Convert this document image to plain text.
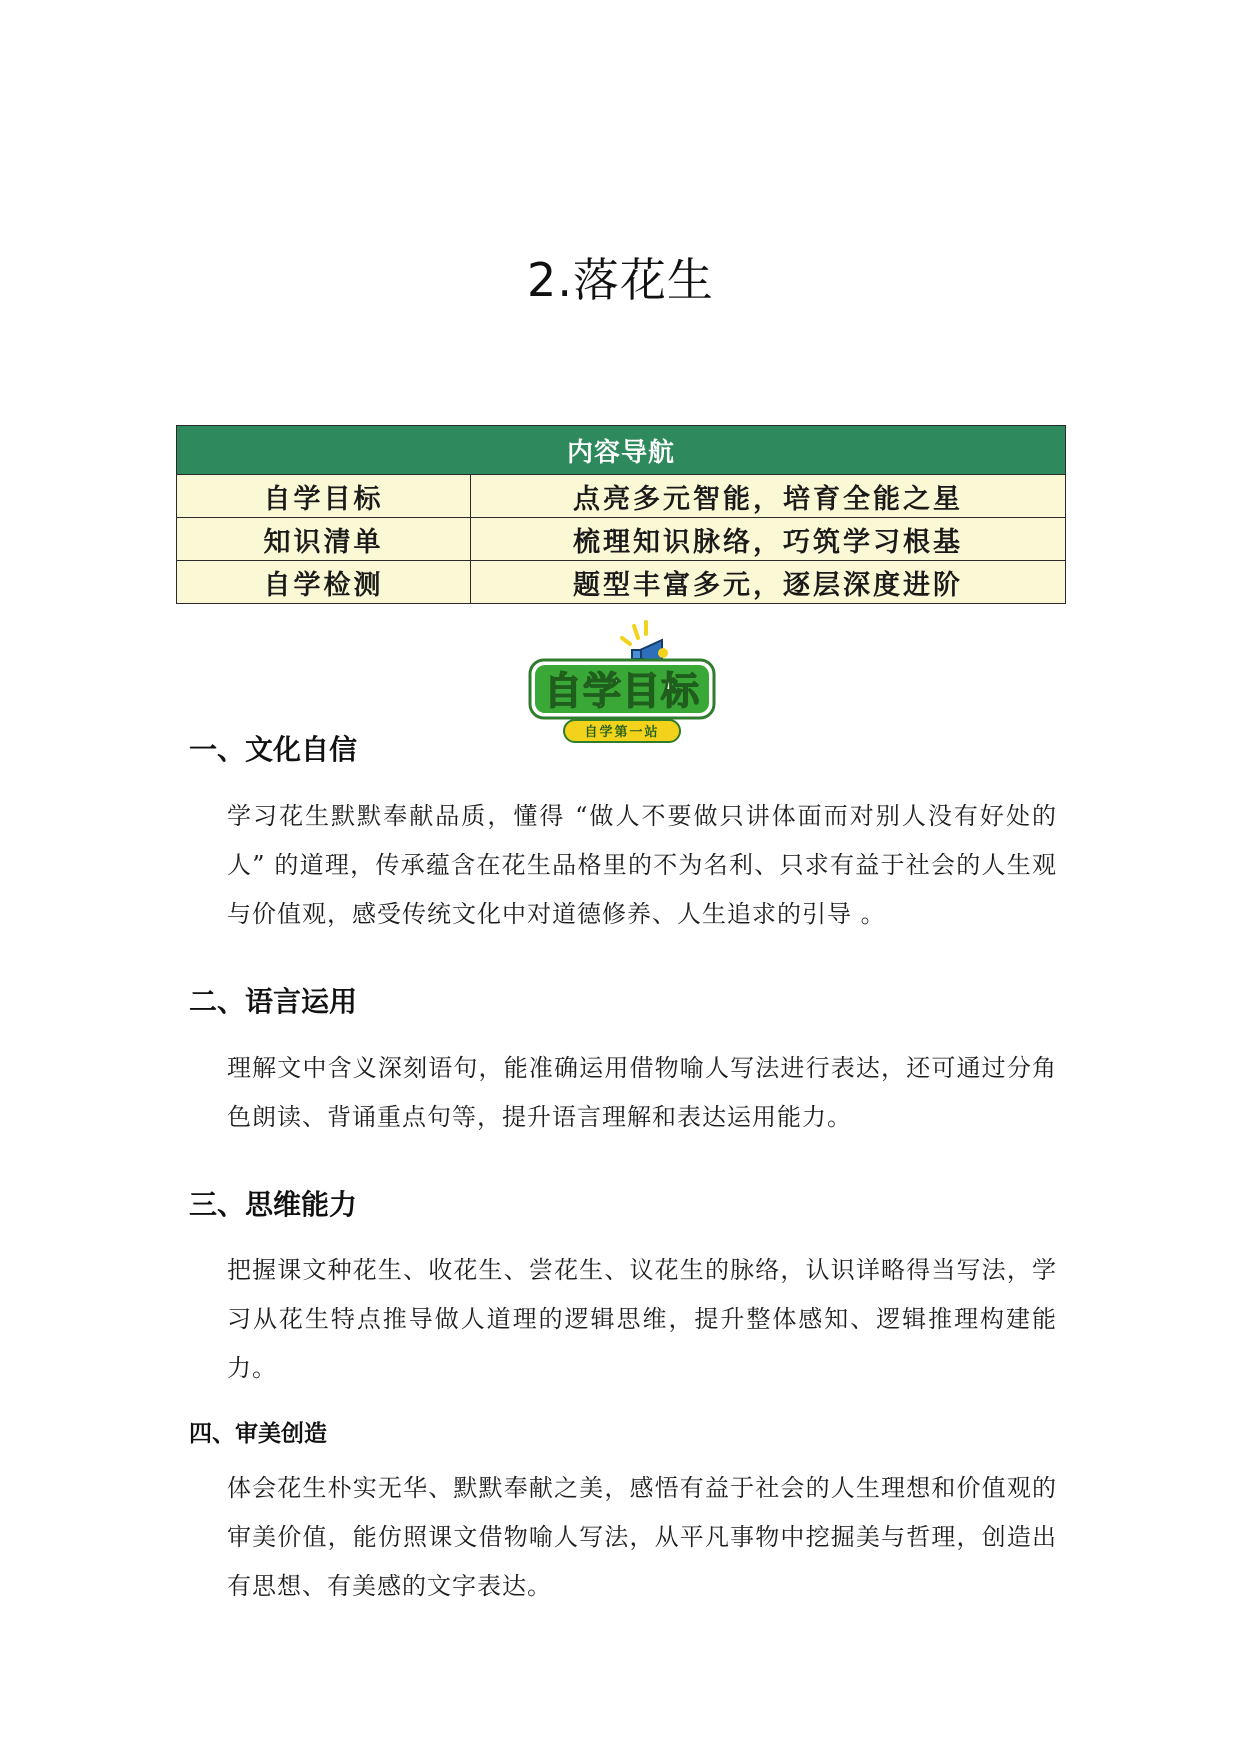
2.落花生
内容导航	
自学目标	点亮多元智能，培育全能之星
知识清单	梳理知识脉络，巧筑学习根基
自学检测	题型丰富多元，逐层深度进阶
自学目标
自学第一站
一、文化自信
学习花生默默奉献品质，懂得 “做人不要做只讲体面而对别人没有好处的人” 的道理，传承蕴含在花生品格里的不为名利、只求有益于社会的人生观与价值观，感受传统文化中对道德修养、人生追求的引导 。
二、语言运用
理解文中含义深刻语句，能准确运用借物喻人写法进行表达，还可通过分角色朗读、背诵重点句等，提升语言理解和表达运用能力。
三、思维能力
把握课文种花生、收花生、尝花生、议花生的脉络，认识详略得当写法，学习从花生特点推导做人道理的逻辑思维，提升整体感知、逻辑推理构建能力。
四、审美创造
体会花生朴实无华、默默奉献之美，感悟有益于社会的人生理想和价值观的审美价值，能仿照课文借物喻人写法，从平凡事物中挖掘美与哲理，创造出有思想、有美感的文字表达。
